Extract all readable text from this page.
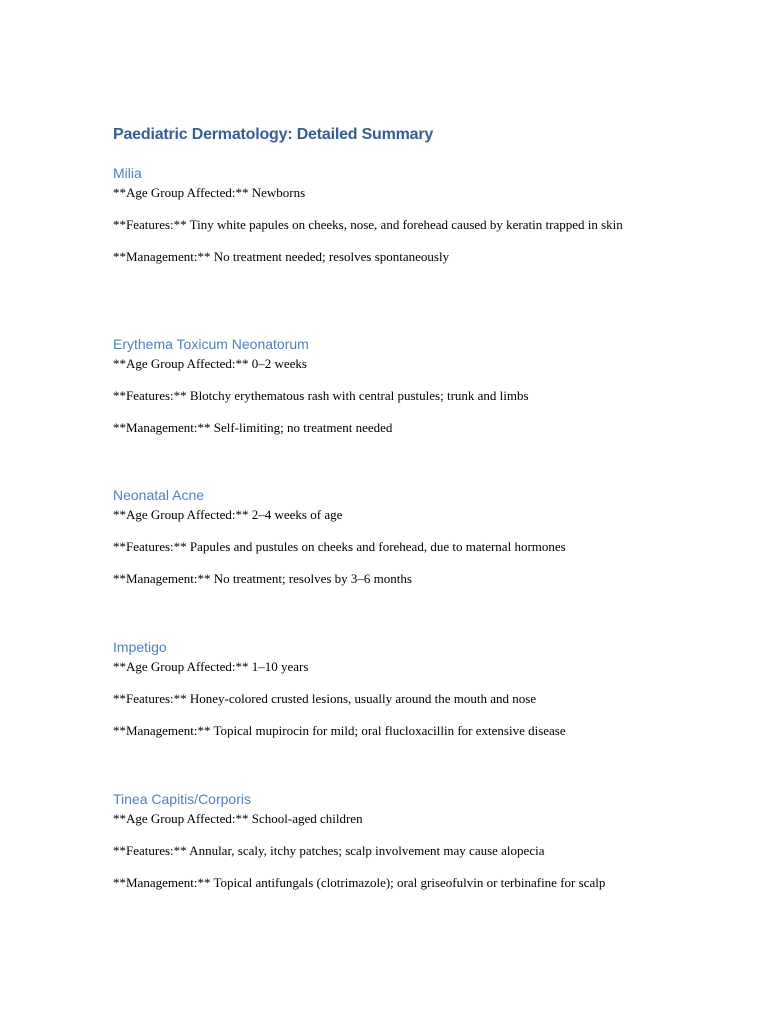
Paediatric Dermatology: Detailed Summary
Milia

**Age Group Affected:** Newborns

**Features:** Tiny white papules on cheeks, nose, and forehead caused by keratin trapped in skin

**Management:** No treatment needed; resolves spontaneously

Erythema Toxicum Neonatorum

**Age Group Affected:** 0–2 weeks

**Features:** Blotchy erythematous rash with central pustules; trunk and limbs

**Management:** Self-limiting; no treatment needed

Neonatal Acne

**Age Group Affected:** 2–4 weeks of age

**Features:** Papules and pustules on cheeks and forehead, due to maternal hormones

**Management:** No treatment; resolves by 3–6 months

Impetigo

**Age Group Affected:** 1–10 years

**Features:** Honey-colored crusted lesions, usually around the mouth and nose

**Management:** Topical mupirocin for mild; oral flucloxacillin for extensive disease

Tinea Capitis/Corporis

**Age Group Affected:** School-aged children

**Features:** Annular, scaly, itchy patches; scalp involvement may cause alopecia

**Management:** Topical antifungals (clotrimazole); oral griseofulvin or terbinafine for scalp
